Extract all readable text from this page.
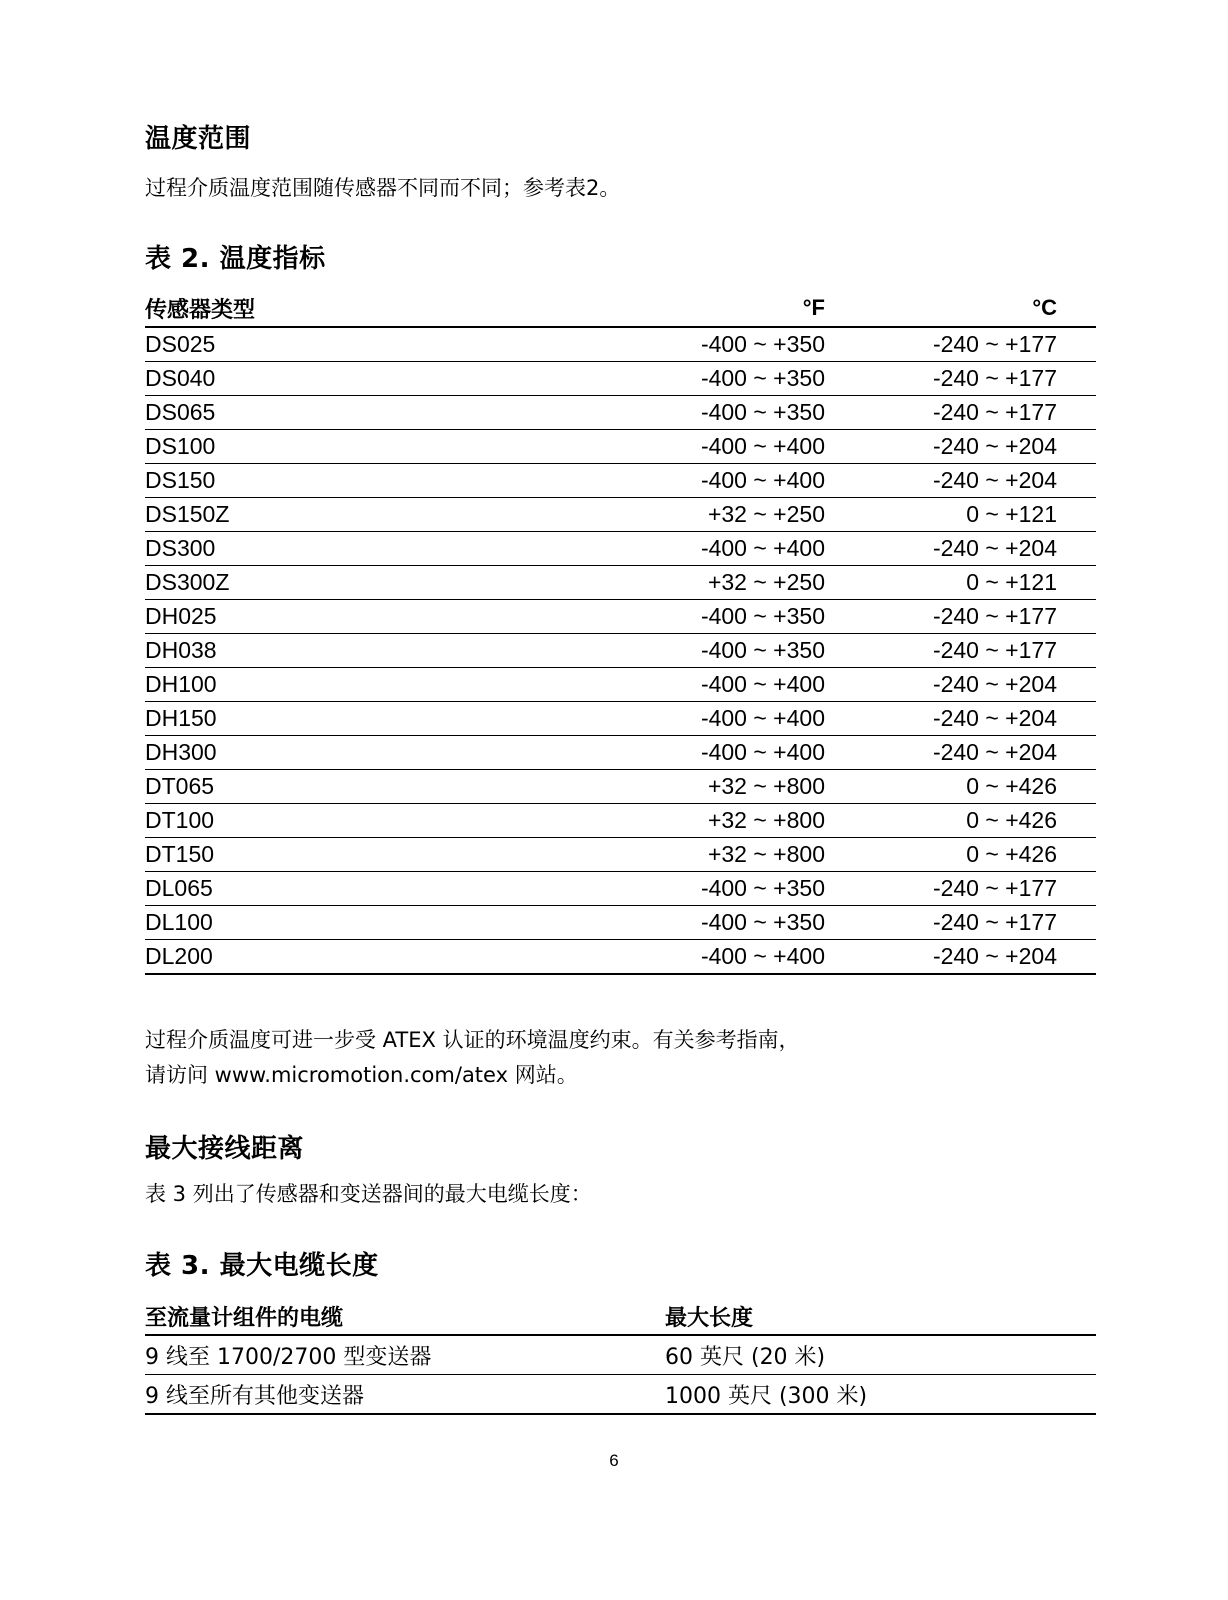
温度范围

过程介质温度范围随传感器不同而不同；参考表2。

表 2. 温度指标
传感器类型	°F	°C	
DS025	-400 ~ +350	-240 ~ +177	
DS040	-400 ~ +350	-240 ~ +177	
DS065	-400 ~ +350	-240 ~ +177	
DS100	-400 ~ +400	-240 ~ +204	
DS150	-400 ~ +400	-240 ~ +204	
DS150Z	+32 ~ +250	0 ~ +121	
DS300	-400 ~ +400	-240 ~ +204	
DS300Z	+32 ~ +250	0 ~ +121	
DH025	-400 ~ +350	-240 ~ +177	
DH038	-400 ~ +350	-240 ~ +177	
DH100	-400 ~ +400	-240 ~ +204	
DH150	-400 ~ +400	-240 ~ +204	
DH300	-400 ~ +400	-240 ~ +204	
DT065	+32 ~ +800	0 ~ +426	
DT100	+32 ~ +800	0 ~ +426	
DT150	+32 ~ +800	0 ~ +426	
DL065	-400 ~ +350	-240 ~ +177	
DL100	-400 ~ +350	-240 ~ +177	
DL200	-400 ~ +400	-240 ~ +204	

过程介质温度可进一步受 ATEX 认证的环境温度约束。有关参考指南，
请访问 www.micromotion.com/atex 网站。

最大接线距离

表 3 列出了传感器和变送器间的最大电缆长度：

表 3. 最大电缆长度
至流量计组件的电缆	最大长度
9 线至 1700/2700 型变送器	60 英尺 (20 米)
9 线至所有其他变送器	1000 英尺 (300 米)
6
